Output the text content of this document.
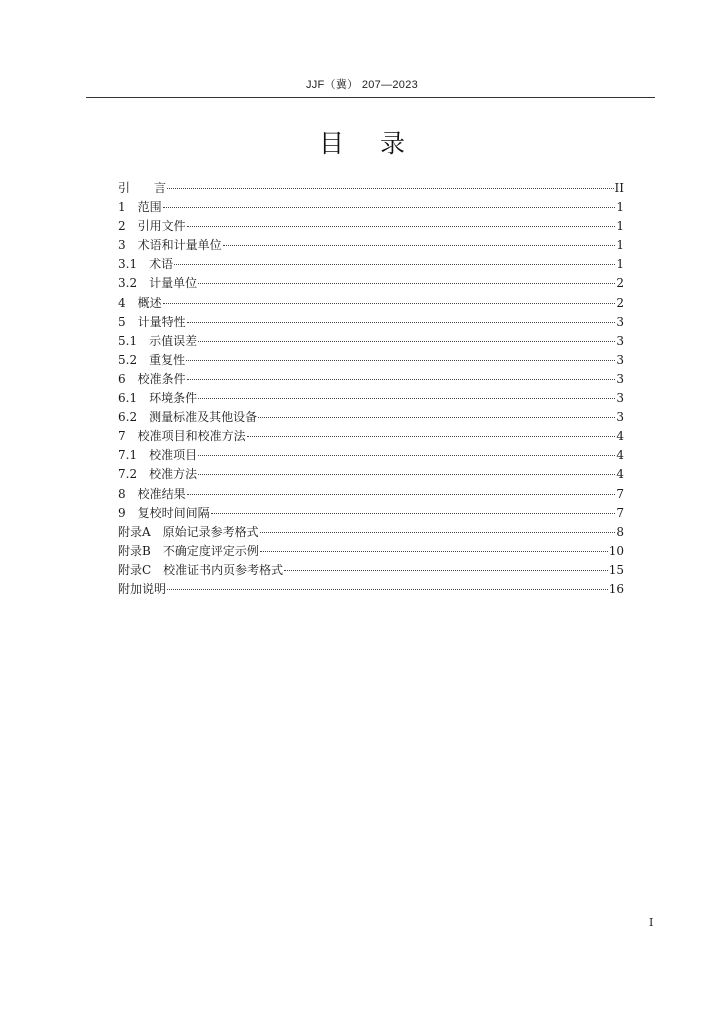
JJF（冀） 207—2023
目录
引　　言	II
1　范围	1
2　引用文件	1
3　术语和计量单位	1
3.1　术语	1
3.2　计量单位	2
4　概述	2
5　计量特性	3
5.1　示值误差	3
5.2　重复性	3
6　校准条件	3
6.1　环境条件	3
6.2　测量标准及其他设备	3
7　校准项目和校准方法	4
7.1　校准项目	4
7.2　校准方法	4
8　校准结果	7
9　复校时间间隔	7
附录A　原始记录参考格式	8
附录B　不确定度评定示例	10
附录C　校准证书内页参考格式	15
附加说明	16
I
